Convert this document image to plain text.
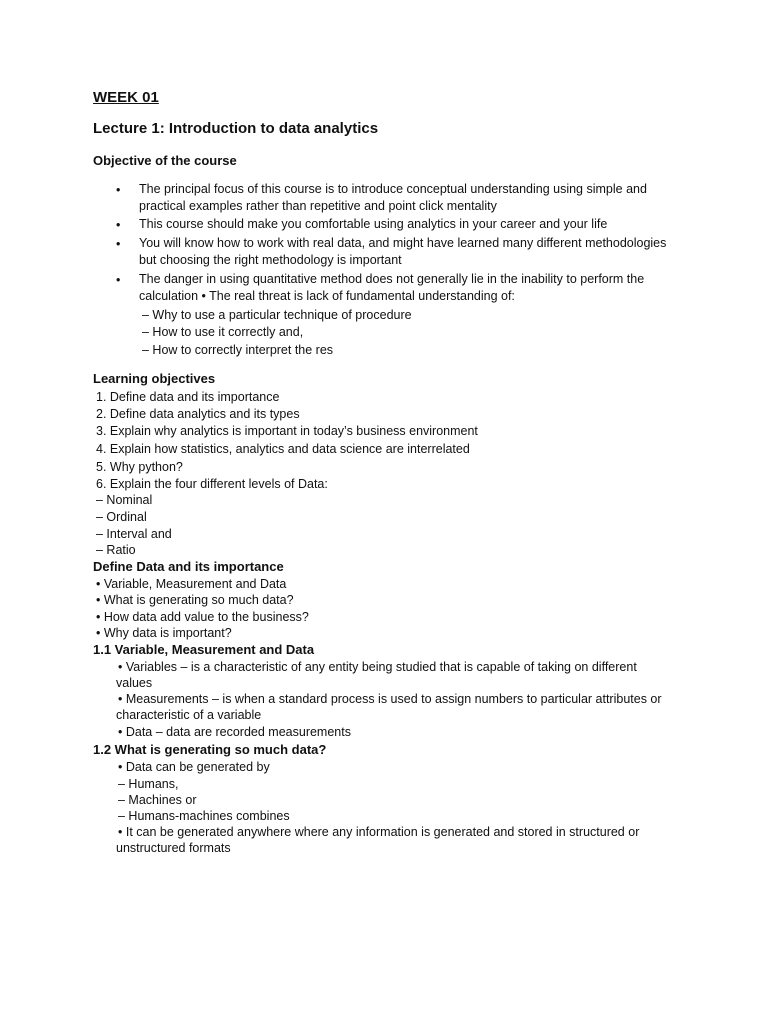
WEEK 01
Lecture 1: Introduction to data analytics
Objective of the course
• The principal focus of this course is to introduce conceptual understanding using simple and practical examples rather than repetitive and point click mentality
• This course should make you comfortable using analytics in your career and your life
• You will know how to work with real data, and might have learned many different methodologies but choosing the right methodology is important
• The danger in using quantitative method does not generally lie in the inability to perform the calculation • The real threat is lack of fundamental understanding of:
– Why to use a particular technique of procedure
– How to use it correctly and,
– How to correctly interpret the res
Learning objectives
1. Define data and its importance
2. Define data analytics and its types
3. Explain why analytics is important in today’s business environment
4. Explain how statistics, analytics and data science are interrelated
5. Why python?
6. Explain the four different levels of Data:
– Nominal
– Ordinal
– Interval and
– Ratio
Define Data and its importance
• Variable, Measurement and Data
• What is generating so much data?
• How data add value to the business?
• Why data is important?
1.1 Variable, Measurement and Data
• Variables – is a characteristic of any entity being studied that is capable of taking on different values
• Measurements – is when a standard process is used to assign numbers to particular attributes or characteristic of a variable
• Data – data are recorded measurements
1.2 What is generating so much data?
• Data can be generated by
– Humans,
– Machines or
– Humans-machines combines
• It can be generated anywhere where any information is generated and stored in structured or unstructured formats
